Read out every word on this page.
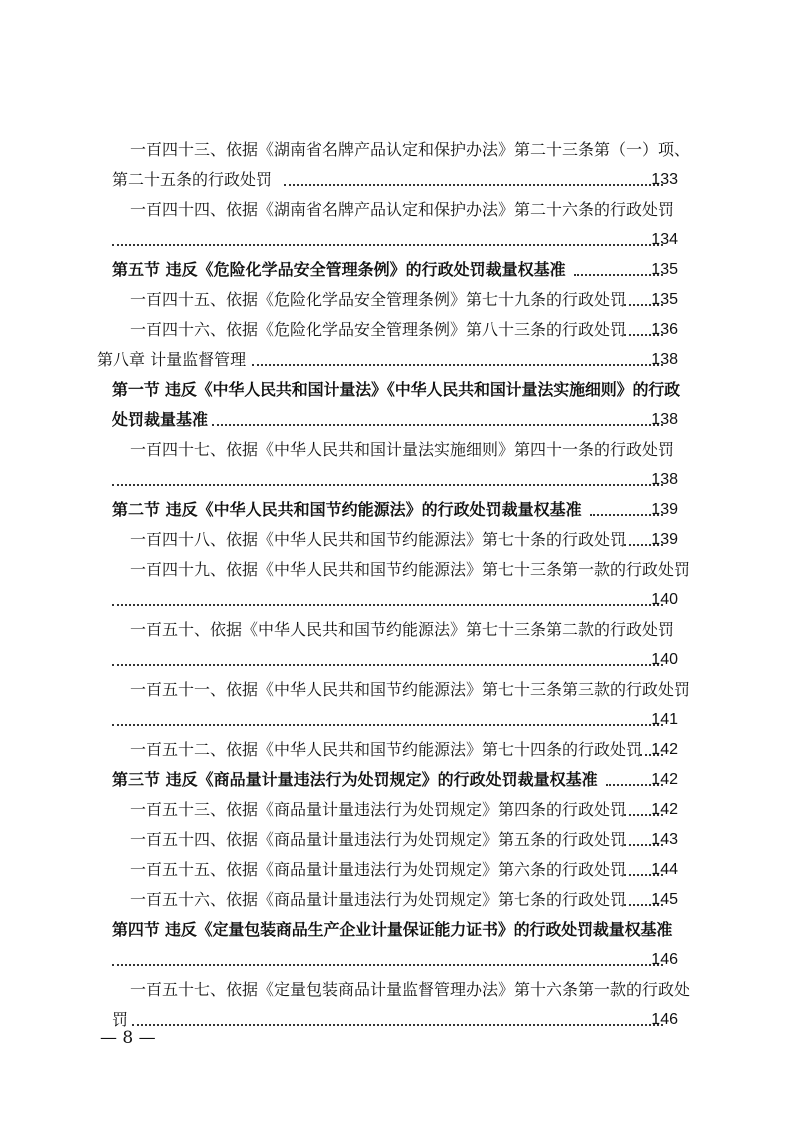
一百四十三、依据《湖南省名牌产品认定和保护办法》第二十三条第（一）项、
第二十五条的行政处罚	133
一百四十四、依据《湖南省名牌产品认定和保护办法》第二十六条的行政处罚
134
第五节 违反《危险化学品安全管理条例》的行政处罚裁量权基准	135
一百四十五、依据《危险化学品安全管理条例》第七十九条的行政处罚 135
一百四十六、依据《危险化学品安全管理条例》第八十三条的行政处罚 136
第八章 计量监督管理	138
第一节 违反《中华人民共和国计量法》《中华人民共和国计量法实施细则》的行政
处罚裁量基准	138
一百四十七、依据《中华人民共和国计量法实施细则》第四十一条的行政处罚
138
第二节 违反《中华人民共和国节约能源法》的行政处罚裁量权基准	139
一百四十八、依据《中华人民共和国节约能源法》第七十条的行政处罚 139
一百四十九、依据《中华人民共和国节约能源法》第七十三条第一款的行政处罚
140
一百五十、依据《中华人民共和国节约能源法》第七十三条第二款的行政处罚
140
一百五十一、依据《中华人民共和国节约能源法》第七十三条第三款的行政处罚
141
一百五十二、依据《中华人民共和国节约能源法》第七十四条的行政处罚 142
第三节 违反《商品量计量违法行为处罚规定》的行政处罚裁量权基准	142
一百五十三、依据《商品量计量违法行为处罚规定》第四条的行政处罚 142
一百五十四、依据《商品量计量违法行为处罚规定》第五条的行政处罚 143
一百五十五、依据《商品量计量违法行为处罚规定》第六条的行政处罚 144
一百五十六、依据《商品量计量违法行为处罚规定》第七条的行政处罚 145
第四节 违反《定量包装商品生产企业计量保证能力证书》的行政处罚裁量权基准
146
一百五十七、依据《定量包装商品计量监督管理办法》第十六条第一款的行政处
罚	146
— 8 —
